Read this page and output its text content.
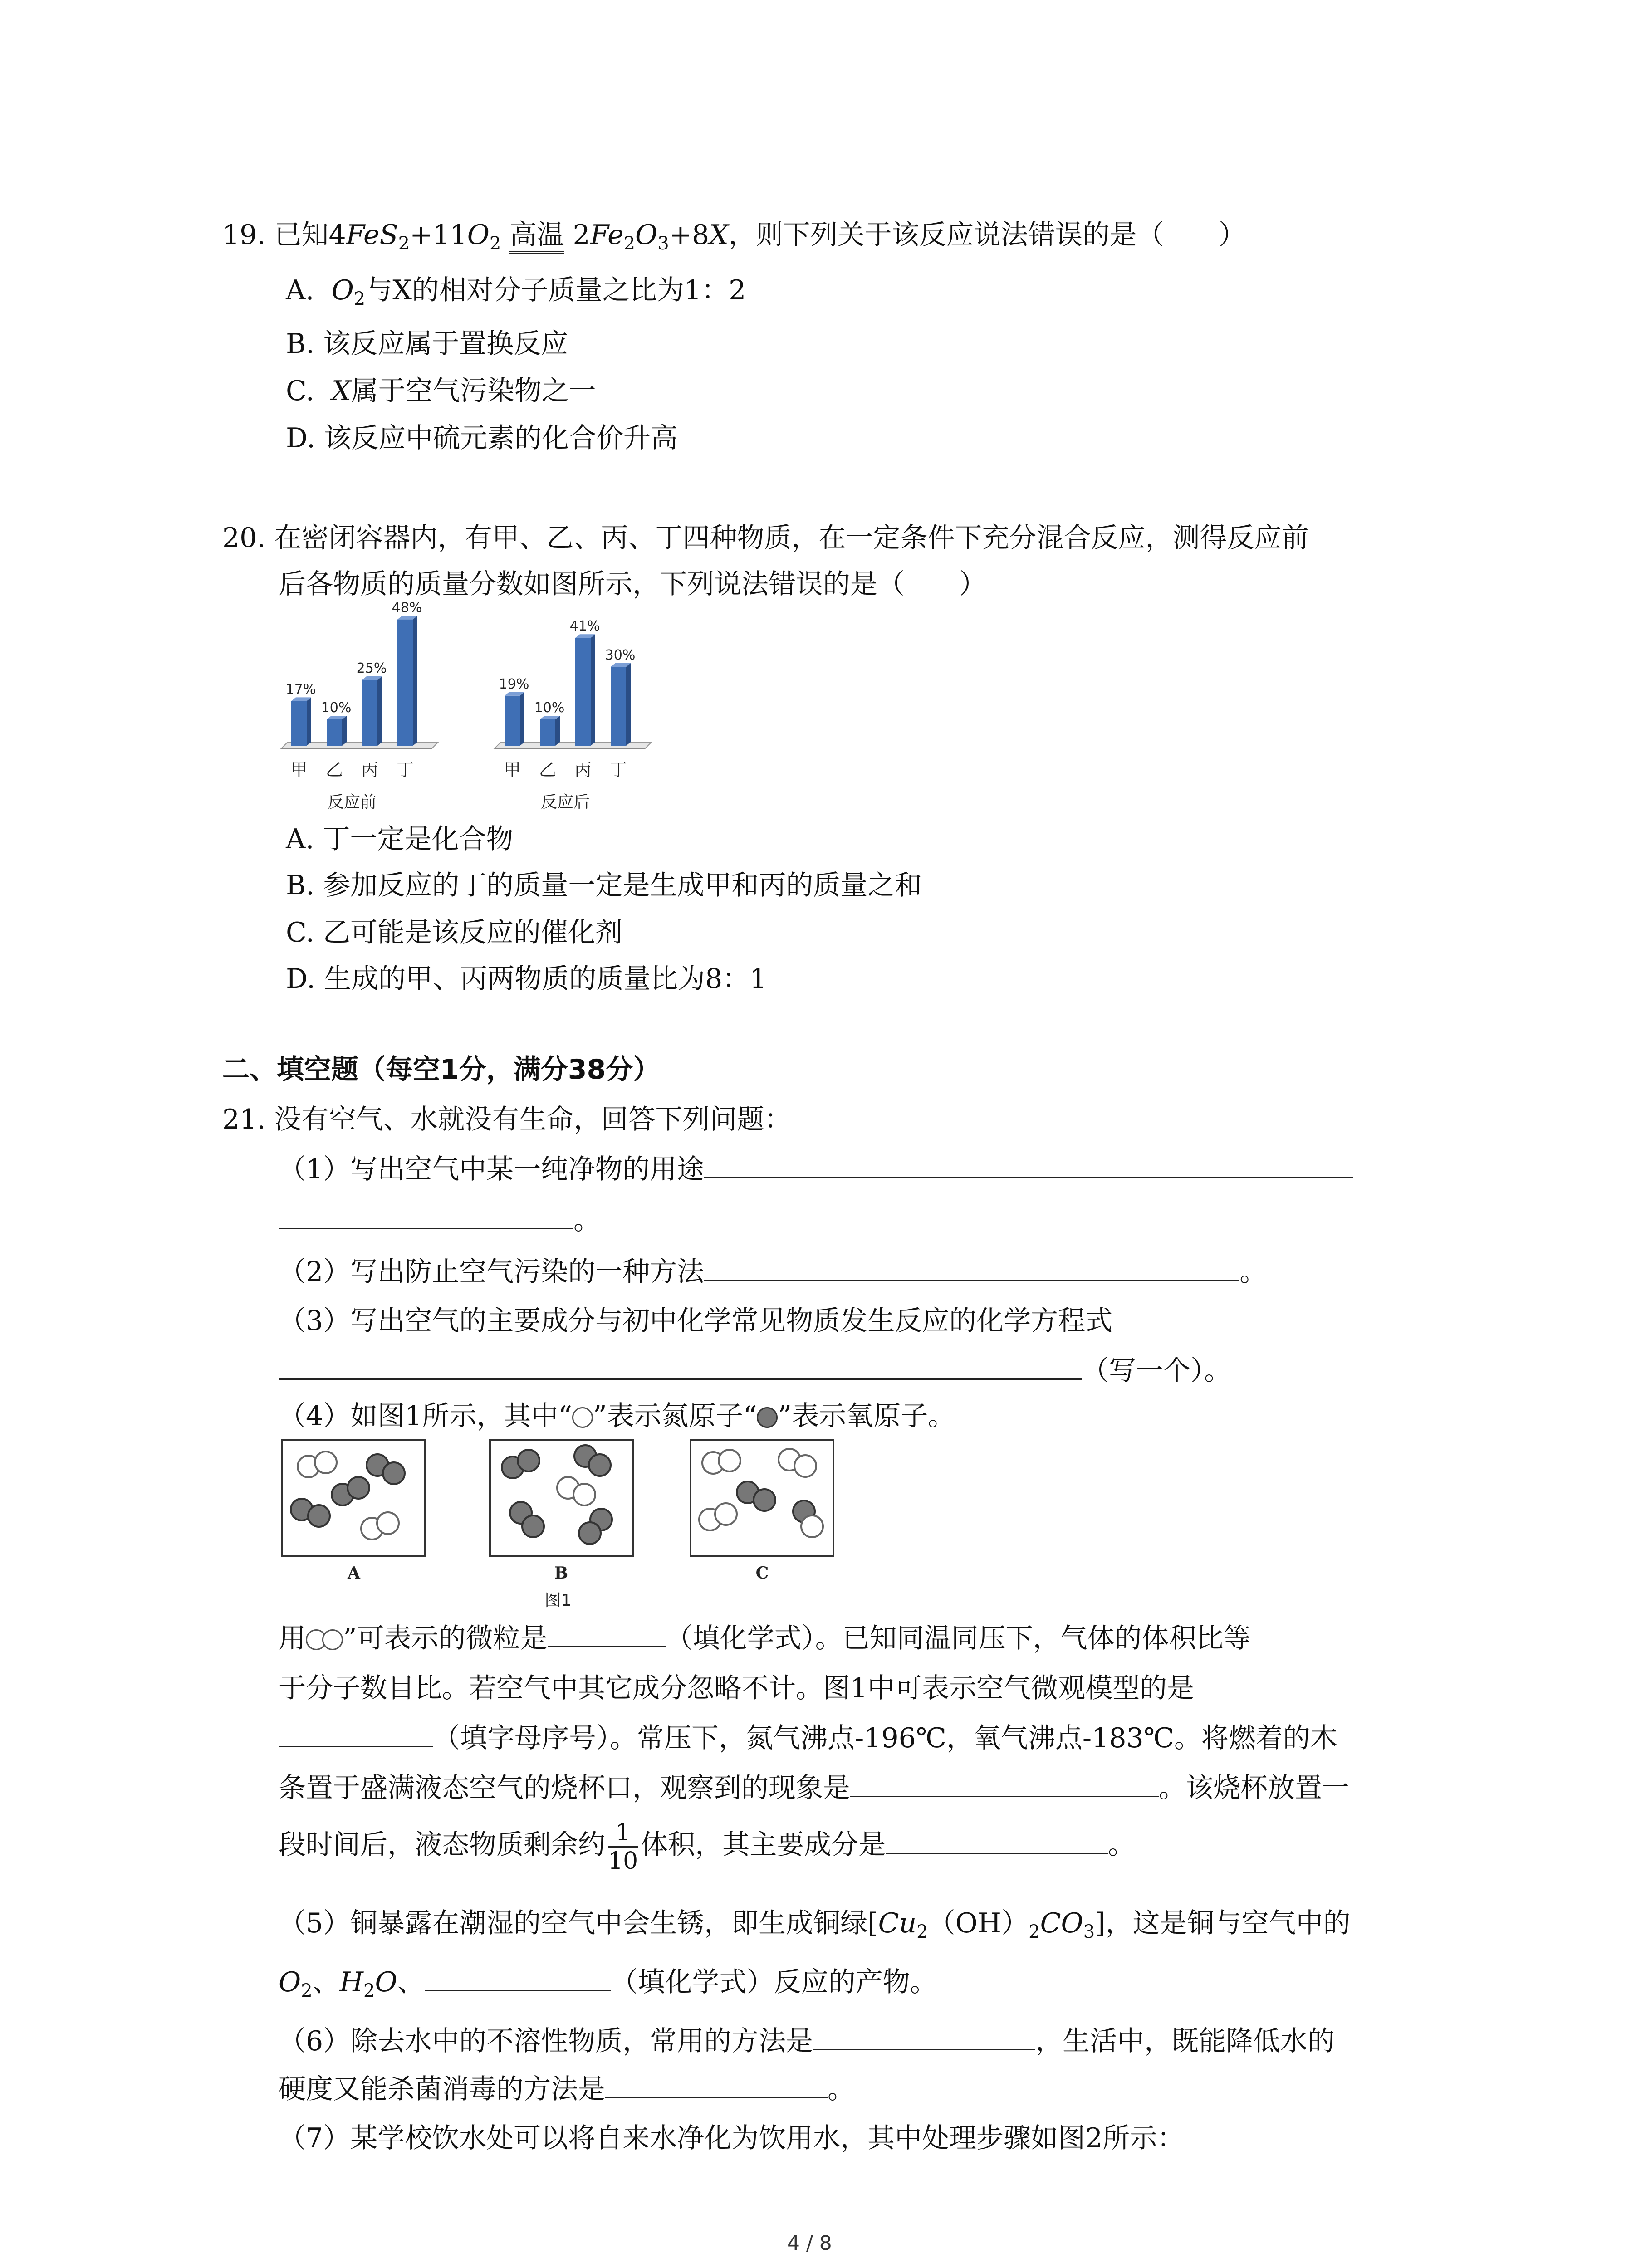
19. 已知$4FeS_2+11O_2$ 高温 $2Fe_2O_3+8X$，则下列关于该反应说法错误的是（　　）
A. $O_2$与X的相对分子质量之比为1：2
B. 该反应属于置换反应
C. X属于空气污染物之一
D. 该反应中硫元素的化合价升高
20. 在密闭容器内，有甲、乙、丙、丁四种物质，在一定条件下充分混合反应，测得反应前
后各物质的质量分数如图所示，下列说法错误的是（　　）
17%
甲
10%
乙
25%
丙
48%
丁
反应前
19%
甲
10%
乙
41%
丙
30%
丁
反应后
A. 丁一定是化合物
B. 参加反应的丁的质量一定是生成甲和丙的质量之和
C. 乙可能是该反应的催化剂
D. 生成的甲、丙两物质的质量比为8：1
二、填空题（每空1分，满分38分）
21. 没有空气、水就没有生命，回答下列问题：
（1）写出空气中某一纯净物的用途
。
（2）写出防止空气污染的一种方法	。
（3）写出空气的主要成分与初中化学常见物质发生反应的化学方程式
（写一个）。
（4）如图1所示，其中“ ”表示氮原子“ ”表示氧原子。
A	B	C
图1
用 ”可表示的微粒是	（填化学式）。已知同温同压下，气体的体积比等
于分子数目比。若空气中其它成分忽略不计。图1中可表示空气微观模型的是
（填字母序号）。常压下，氮气沸点-196℃，氧气沸点-183℃。将燃着的木
条置于盛满液态空气的烧杯口，观察到的现象是	。该烧杯放置一
段时间后，液态物质剩余约 $\frac{1}{10}$ 体积，其主要成分是	。
（5）铜暴露在潮湿的空气中会生锈，即生成铜绿$[Cu_2(OH)_2CO_3]$，这是铜与空气中的
$O_2$、$H_2O$、	（填化学式）反应的产物。
（6）除去水中的不溶性物质，常用的方法是	，生活中，既能降低水的
硬度又能杀菌消毒的方法是	。
（7）某学校饮水处可以将自来水净化为饮用水，其中处理步骤如图2所示：
4 / 8
